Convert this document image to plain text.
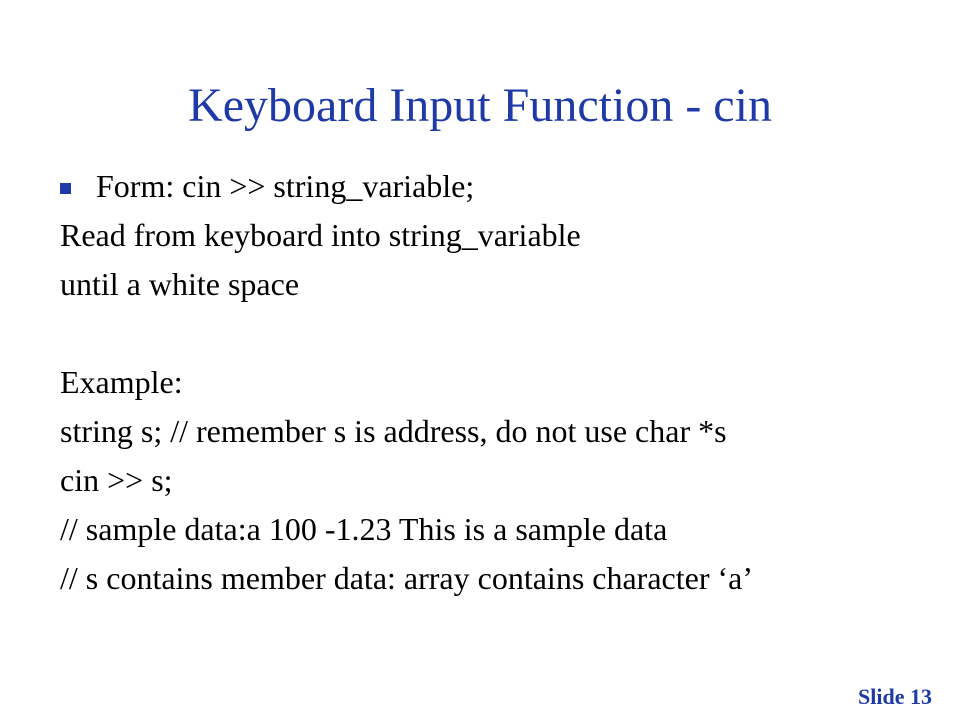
Keyboard Input Function - cin
Form: cin >> string_variable;
Read from keyboard into string_variable
until a white space
Example:
string s; // remember s is address, do not use char *s
cin >> s;
// sample data:a 100 -1.23 This is a sample data
// s contains member data: array contains character ‘a’
Slide 13
